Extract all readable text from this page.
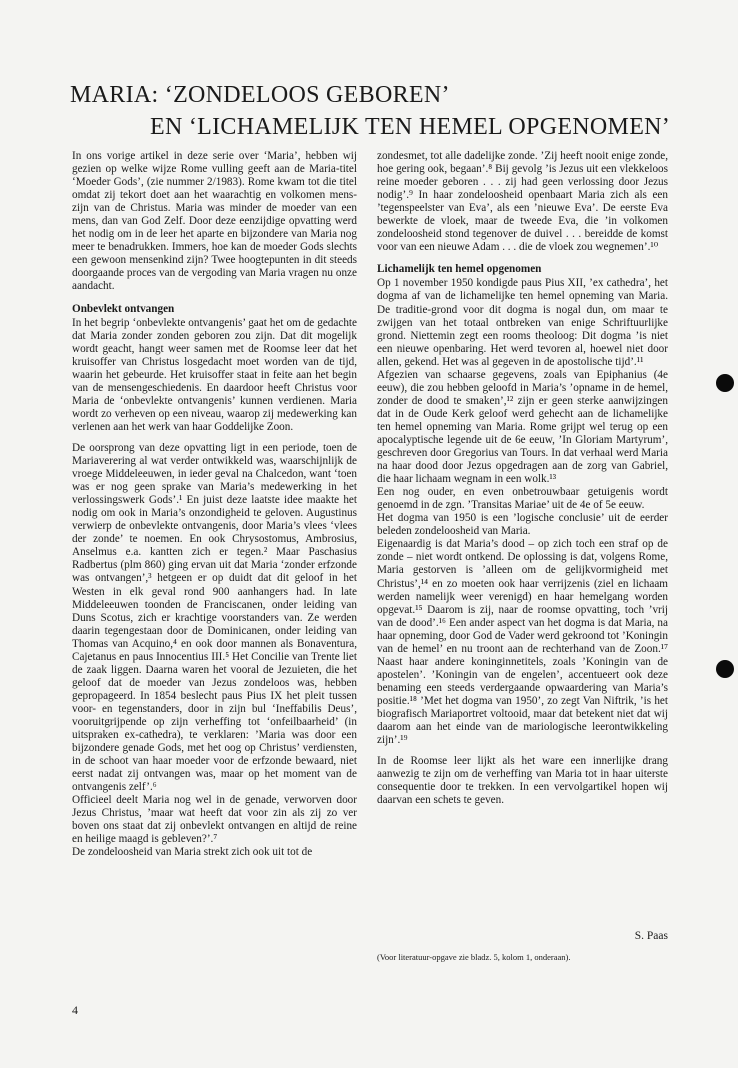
MARIA: ‘ZONDELOOS GEBOREN’
EN ‘LICHAMELIJK TEN HEMEL OPGENOMEN’

In ons vorige artikel in deze serie over ‘Maria’, hebben wij gezien op welke wijze Rome vulling geeft aan de Maria-titel ‘Moeder Gods’, (zie nummer 2/1983). Rome kwam tot die titel omdat zij tekort doet aan het waarachtig en volkomen mens-zijn van de Christus. Maria was minder de moeder van een mens, dan van God Zelf. Door deze eenzijdige opvatting werd het nodig om in de leer het aparte en bijzondere van Maria nog meer te benadrukken. Immers, hoe kan de moeder Gods slechts een gewoon mensenkind zijn? Twee hoogtepunten in dit steeds doorgaande proces van de vergoding van Maria vragen nu onze aandacht.

Onbevlekt ontvangen

In het begrip ‘onbevlekte ontvangenis’ gaat het om de gedachte dat Maria zonder zonden geboren zou zijn. Dat dit mogelijk wordt geacht, hangt weer samen met de Roomse leer dat het kruisoffer van Christus losgedacht moet worden van de tijd, waarin het gebeurde. Het kruisoffer staat in feite aan het begin van de mensengeschiedenis. En daardoor heeft Christus voor Maria de ‘onbevlekte ontvangenis’ kunnen verdienen. Maria wordt zo verheven op een niveau, waarop zij medewerking kan verlenen aan het werk van haar Goddelijke Zoon.

De oorsprong van deze opvatting ligt in een periode, toen de Mariaverering al wat verder ontwikkeld was, waarschijnlijk de vroege Middeleeuwen, in ieder geval na Chalcedon, want ‘toen was er nog geen sprake van Maria’s medewerking in het verlossingswerk Gods’.¹ En juist deze laatste idee maakte het nodig om ook in Maria’s onzondigheid te geloven. Augustinus verwierp de onbevlekte ontvangenis, door Maria’s vlees ‘vlees der zonde’ te noemen. En ook Chrysostomus, Ambrosius, Anselmus e.a. kantten zich er tegen.² Maar Paschasius Radbertus (plm 860) ging ervan uit dat Maria ‘zonder erfzonde was ontvangen’,³ hetgeen er op duidt dat dit geloof in het Westen in elk geval rond 900 aanhangers had. In late Middeleeuwen toonden de Franciscanen, onder leiding van Duns Scotus, zich er krachtige voorstanders van. Ze werden daarin tegengestaan door de Dominicanen, onder leiding van Thomas van Acquino,⁴ en ook door mannen als Bonaventura, Cajetanus en paus Innocentius III.⁵ Het Concilie van Trente liet de zaak liggen. Daarna waren het vooral de Jezuieten, die het geloof dat de moeder van Jezus zondeloos was, hebben gepropageerd. In 1854 beslecht paus Pius IX het pleit tussen voor- en tegenstanders, door in zijn bul ‘Ineffabilis Deus’, vooruitgrijpende op zijn verheffing tot ‘onfeilbaarheid’ (in uitspraken ex-cathedra), te verklaren: ’Maria was door een bijzondere genade Gods, met het oog op Christus’ verdiensten, in de schoot van haar moeder voor de erfzonde bewaard, niet eerst nadat zij ontvangen was, maar op het moment van de ontvangenis zelf’.⁶

Officieel deelt Maria nog wel in de genade, verworven door Jezus Christus, ’maar wat heeft dat voor zin als zij zo ver boven ons staat dat zij onbevlekt ontvangen en altijd de reine en heilige maagd is gebleven?’.⁷

De zondeloosheid van Maria strekt zich ook uit tot de

zondesmet, tot alle dadelijke zonde. ’Zij heeft nooit enige zonde, hoe gering ook, begaan’.⁸ Bij gevolg ’is Jezus uit een vlekkeloos reine moeder geboren . . . zij had geen verlossing door Jezus nodig’.⁹ In haar zondeloosheid openbaart Maria zich als een ’tegenspeelster van Eva’, als een ’nieuwe Eva’. De eerste Eva bewerkte de vloek, maar de tweede Eva, die ’in volkomen zondeloosheid stond tegenover de duivel . . . bereidde de komst voor van een nieuwe Adam . . . die de vloek zou wegnemen’.¹⁰

Lichamelijk ten hemel opgenomen

Op 1 november 1950 kondigde paus Pius XII, ’ex cathedra’, het dogma af van de lichamelijke ten hemel opneming van Maria. De traditie-grond voor dit dogma is nogal dun, om maar te zwijgen van het totaal ontbreken van enige Schriftuurlijke grond. Niettemin zegt een rooms theoloog: Dit dogma ’is niet een nieuwe openbaring. Het werd tevoren al, hoewel niet door allen, gekend. Het was al gegeven in de apostolische tijd’.¹¹

Afgezien van schaarse gegevens, zoals van Epiphanius (4e eeuw), die zou hebben geloofd in Maria’s ’opname in de hemel, zonder de dood te smaken’,¹² zijn er geen sterke aanwijzingen dat in de Oude Kerk geloof werd gehecht aan de lichamelijke ten hemel opneming van Maria. Rome grijpt wel terug op een apocalyptische legende uit de 6e eeuw, ’In Gloriam Martyrum’, geschreven door Gregorius van Tours. In dat verhaal werd Maria na haar dood door Jezus opgedragen aan de zorg van Gabriel, die haar lichaam wegnam in een wolk.¹³

Een nog ouder, en even onbetrouwbaar getuigenis wordt genoemd in de zgn. ’Transitas Mariae’ uit de 4e of 5e eeuw.

Het dogma van 1950 is een ’logische conclusie’ uit de eerder beleden zondeloosheid van Maria.

Eigenaardig is dat Maria’s dood – op zich toch een straf op de zonde – niet wordt ontkend. De oplossing is dat, volgens Rome, Maria gestorven is ’alleen om de gelijkvormigheid met Christus’,¹⁴ en zo moeten ook haar verrijzenis (ziel en lichaam werden namelijk weer verenigd) en haar hemelgang worden opgevat.¹⁵ Daarom is zij, naar de roomse opvatting, toch ’vrij van de dood’.¹⁶ Een ander aspect van het dogma is dat Maria, na haar opneming, door God de Vader werd gekroond tot ’Koningin van de hemel’ en nu troont aan de rechterhand van de Zoon.¹⁷ Naast haar andere koninginnetitels, zoals ’Koningin van de apostelen’. ’Koningin van de engelen’, accentueert ook deze benaming een steeds verdergaande opwaardering van Maria’s positie.¹⁸ ’Met het dogma van 1950’, zo zegt Van Niftrik, ’is het biografisch Mariaportret voltooid, maar dat betekent niet dat wij daarom aan het einde van de mariologische leerontwikkeling zijn’.¹⁹

In de Roomse leer lijkt als het ware een innerlijke drang aanwezig te zijn om de verheffing van Maria tot in haar uiterste consequentie door te trekken. In een vervolgartikel hopen wij daarvan een schets te geven.

S. Paas
(Voor literatuur-opgave zie bladz. 5, kolom 1, onderaan).
4
